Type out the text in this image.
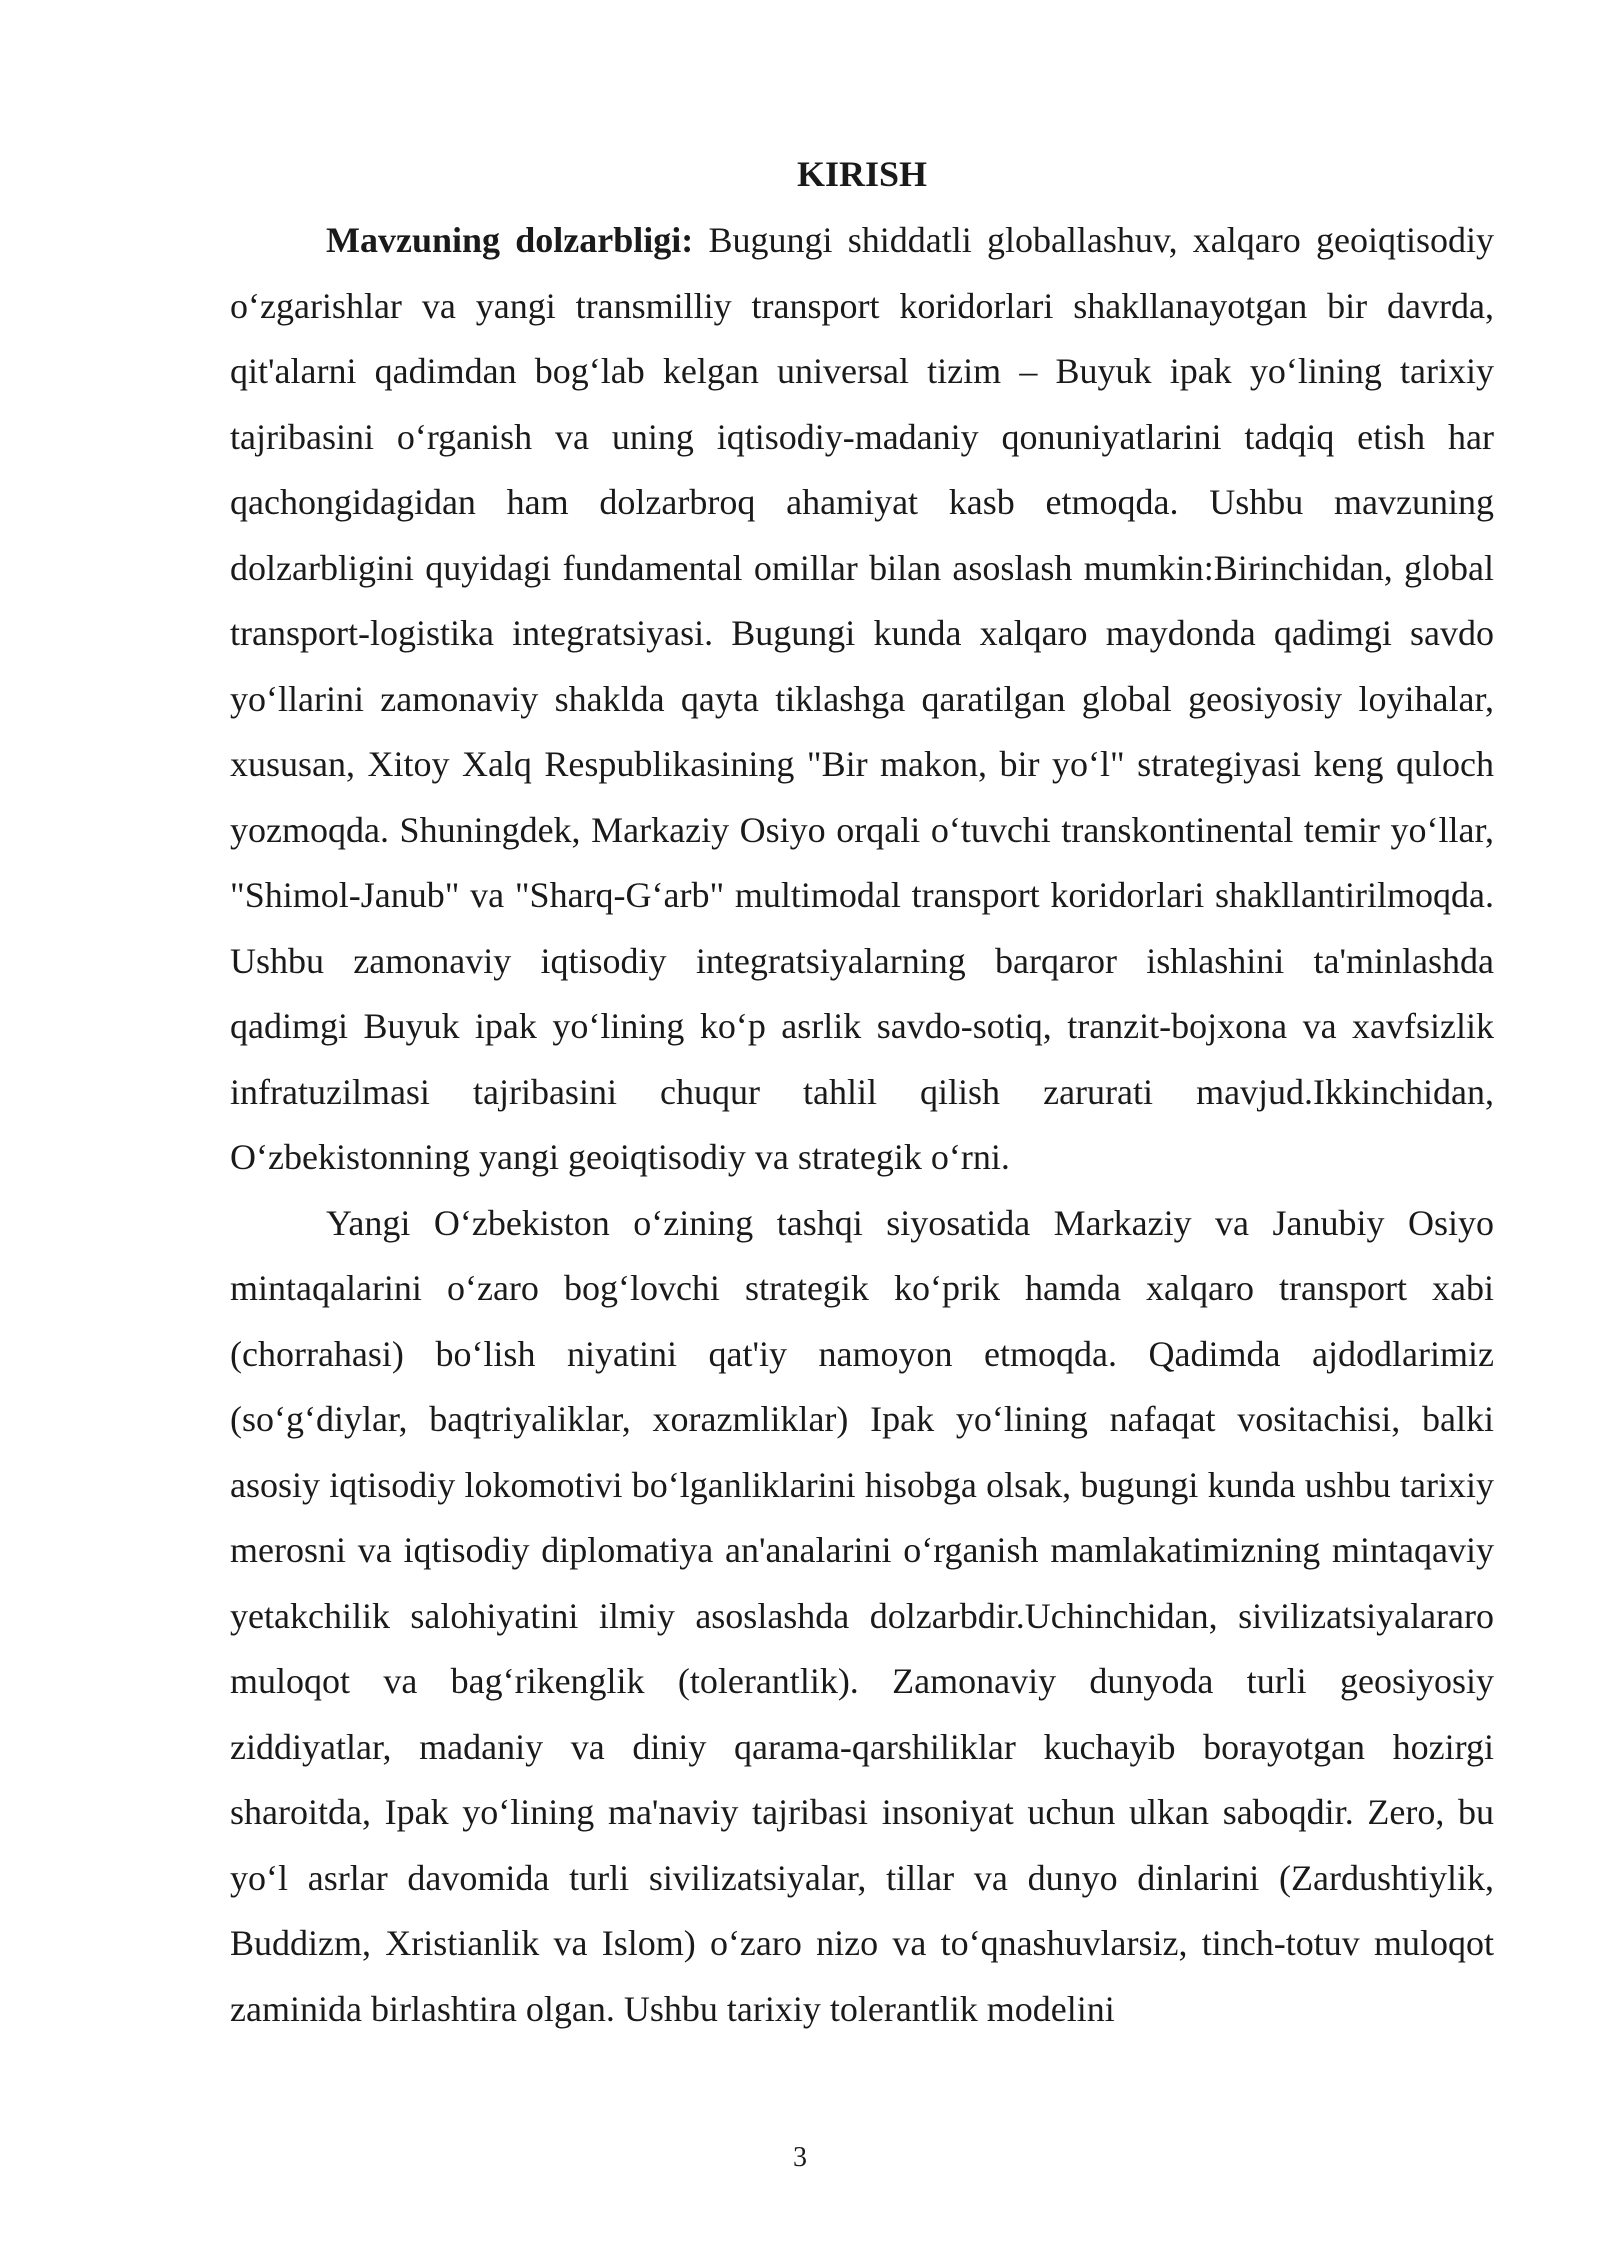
KIRISH

Mavzuning dolzarbligi: Bugungi shiddatli globallashuv, xalqaro geoiqtisodiy oʻzgarishlar va yangi transmilliy transport koridorlari shakllanayotgan bir davrda, qit'alarni qadimdan bogʻlab kelgan universal tizim – Buyuk ipak yoʻlining tarixiy tajribasini oʻrganish va uning iqtisodiy-madaniy qonuniyatlarini tadqiq etish har qachongidagidan ham dolzarbroq ahamiyat kasb etmoqda. Ushbu mavzuning dolzarbligini quyidagi fundamental omillar bilan asoslash mumkin:Birinchidan, global transport-logistika integratsiyasi. Bugungi kunda xalqaro maydonda qadimgi savdo yoʻllarini zamonaviy shaklda qayta tiklashga qaratilgan global geosiyosiy loyihalar, xususan, Xitoy Xalq Respublikasining "Bir makon, bir yoʻl" strategiyasi keng quloch yozmoqda. Shuningdek, Markaziy Osiyo orqali oʻtuvchi transkontinental temir yoʻllar, "Shimol-Janub" va "Sharq-Gʻarb" multimodal transport koridorlari shakllantirilmoqda. Ushbu zamonaviy iqtisodiy integratsiyalarning barqaror ishlashini ta'minlashda qadimgi Buyuk ipak yoʻlining koʻp asrlik savdo-sotiq, tranzit-bojxona va xavfsizlik infratuzilmasi tajribasini chuqur tahlil qilish zarurati mavjud.Ikkinchidan, Oʻzbekistonning yangi geoiqtisodiy va strategik oʻrni.

Yangi Oʻzbekiston oʻzining tashqi siyosatida Markaziy va Janubiy Osiyo mintaqalarini oʻzaro bogʻlovchi strategik koʻprik hamda xalqaro transport xabi (chorrahasi) boʻlish niyatini qat'iy namoyon etmoqda. Qadimda ajdodlarimiz (soʻgʻdiylar, baqtriyaliklar, xorazmliklar) Ipak yoʻlining nafaqat vositachisi, balki asosiy iqtisodiy lokomotivi boʻlganliklarini hisobga olsak, bugungi kunda ushbu tarixiy merosni va iqtisodiy diplomatiya an'analarini oʻrganish mamlakatimizning mintaqaviy yetakchilik salohiyatini ilmiy asoslashda dolzarbdir.Uchinchidan, sivilizatsiyalararo muloqot va bagʻrikenglik (tolerantlik). Zamonaviy dunyoda turli geosiyosiy ziddiyatlar, madaniy va diniy qarama-qarshiliklar kuchayib borayotgan hozirgi sharoitda, Ipak yoʻlining ma'naviy tajribasi insoniyat uchun ulkan saboqdir. Zero, bu yoʻl asrlar davomida turli sivilizatsiyalar, tillar va dunyo dinlarini (Zardushtiylik, Buddizm, Xristianlik va Islom) oʻzaro nizo va toʻqnashuvlarsiz, tinch-totuv muloqot zaminida birlashtira olgan. Ushbu tarixiy tolerantlik modelini

3
